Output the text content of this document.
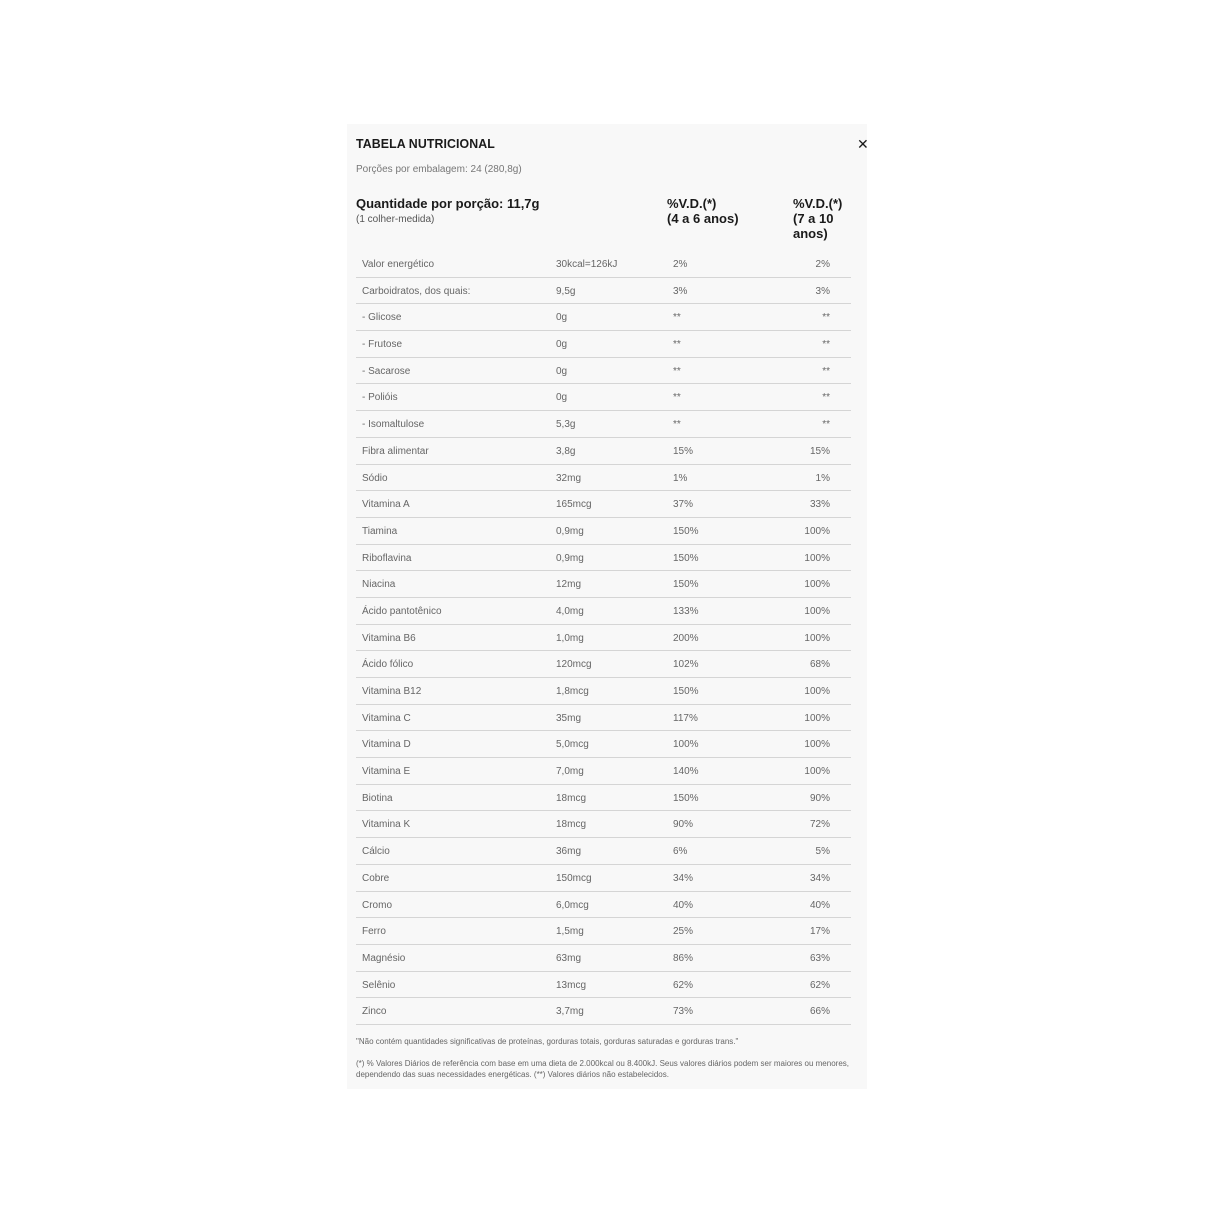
TABELA NUTRICIONAL	✕
Porções por embalagem: 24 (280,8g)
Quantidade por porção: 11,7g
(1 colher-medida)
%V.D.(*)
(4 a 6 anos)
%V.D.(*)
(7 a 10
anos)
Valor energético	30kcal=126kJ	2%	2%
Carboidratos, dos quais:	9,5g	3%	3%
- Glicose	0g	**	**
- Frutose	0g	**	**
- Sacarose	0g	**	**
- Polióis	0g	**	**
- Isomaltulose	5,3g	**	**
Fibra alimentar	3,8g	15%	15%
Sódio	32mg	1%	1%
Vitamina A	165mcg	37%	33%
Tiamina	0,9mg	150%	100%
Riboflavina	0,9mg	150%	100%
Niacina	12mg	150%	100%
Ácido pantotênico	4,0mg	133%	100%
Vitamina B6	1,0mg	200%	100%
Ácido fólico	120mcg	102%	68%
Vitamina B12	1,8mcg	150%	100%
Vitamina C	35mg	117%	100%
Vitamina D	5,0mcg	100%	100%
Vitamina E	7,0mg	140%	100%
Biotina	18mcg	150%	90%
Vitamina K	18mcg	90%	72%
Cálcio	36mg	6%	5%
Cobre	150mcg	34%	34%
Cromo	6,0mcg	40%	40%
Ferro	1,5mg	25%	17%
Magnésio	63mg	86%	63%
Selênio	13mcg	62%	62%
Zinco	3,7mg	73%	66%
"Não contém quantidades significativas de proteínas, gorduras totais, gorduras saturadas e gorduras trans."
(*) % Valores Diários de referência com base em uma dieta de 2.000kcal ou 8.400kJ. Seus valores diários podem ser maiores ou menores, dependendo das suas necessidades energéticas. (**) Valores diários não estabelecidos.
